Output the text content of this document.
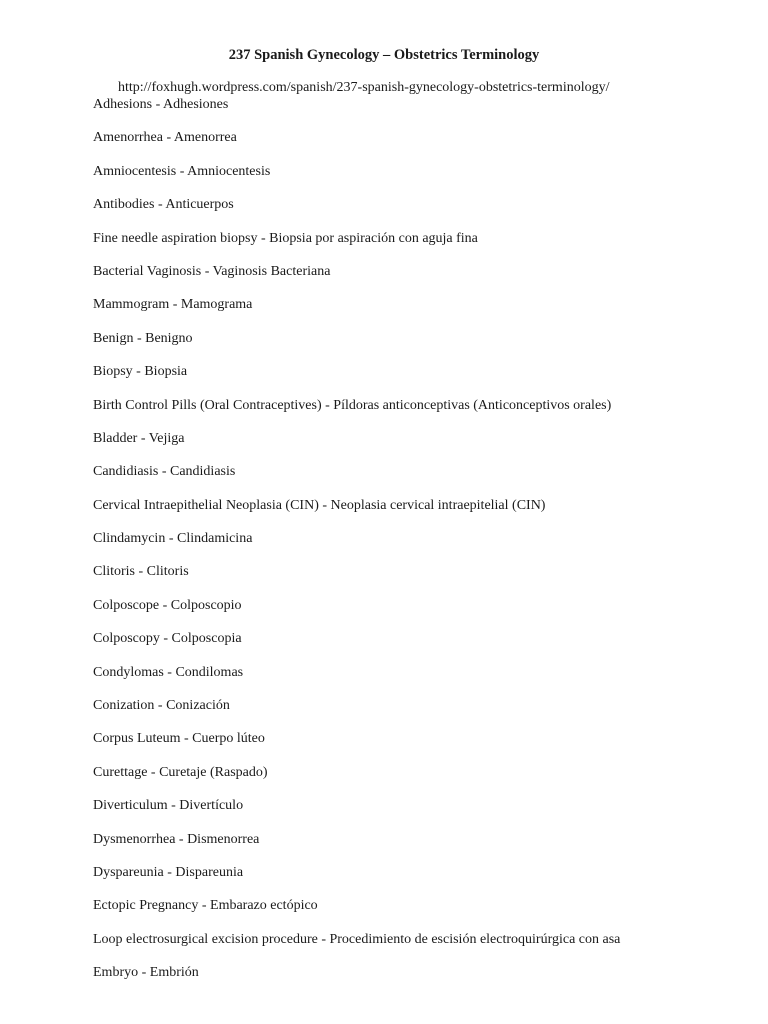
237 Spanish Gynecology – Obstetrics Terminology

http://foxhugh.wordpress.com/spanish/237-spanish-gynecology-obstetrics-terminology/

Adhesions - Adhesiones
Amenorrhea - Amenorrea
Amniocentesis - Amniocentesis
Antibodies - Anticuerpos
Fine needle aspiration biopsy - Biopsia por aspiración con aguja fina
Bacterial Vaginosis - Vaginosis Bacteriana
Mammogram - Mamograma
Benign - Benigno
Biopsy - Biopsia
Birth Control Pills (Oral Contraceptives) - Píldoras anticonceptivas (Anticonceptivos orales)
Bladder - Vejiga
Candidiasis - Candidiasis
Cervical Intraepithelial Neoplasia (CIN) - Neoplasia cervical intraepitelial (CIN)
Clindamycin - Clindamicina
Clitoris - Clitoris
Colposcope - Colposcopio
Colposcopy - Colposcopia
Condylomas - Condilomas
Conization - Conización
Corpus Luteum - Cuerpo lúteo
Curettage - Curetaje (Raspado)
Diverticulum - Divertículo
Dysmenorrhea - Dismenorrea
Dyspareunia - Dispareunia
Ectopic Pregnancy - Embarazo ectópico
Loop electrosurgical excision procedure - Procedimiento de escisión electroquirúrgica con asa
Embryo - Embrión
